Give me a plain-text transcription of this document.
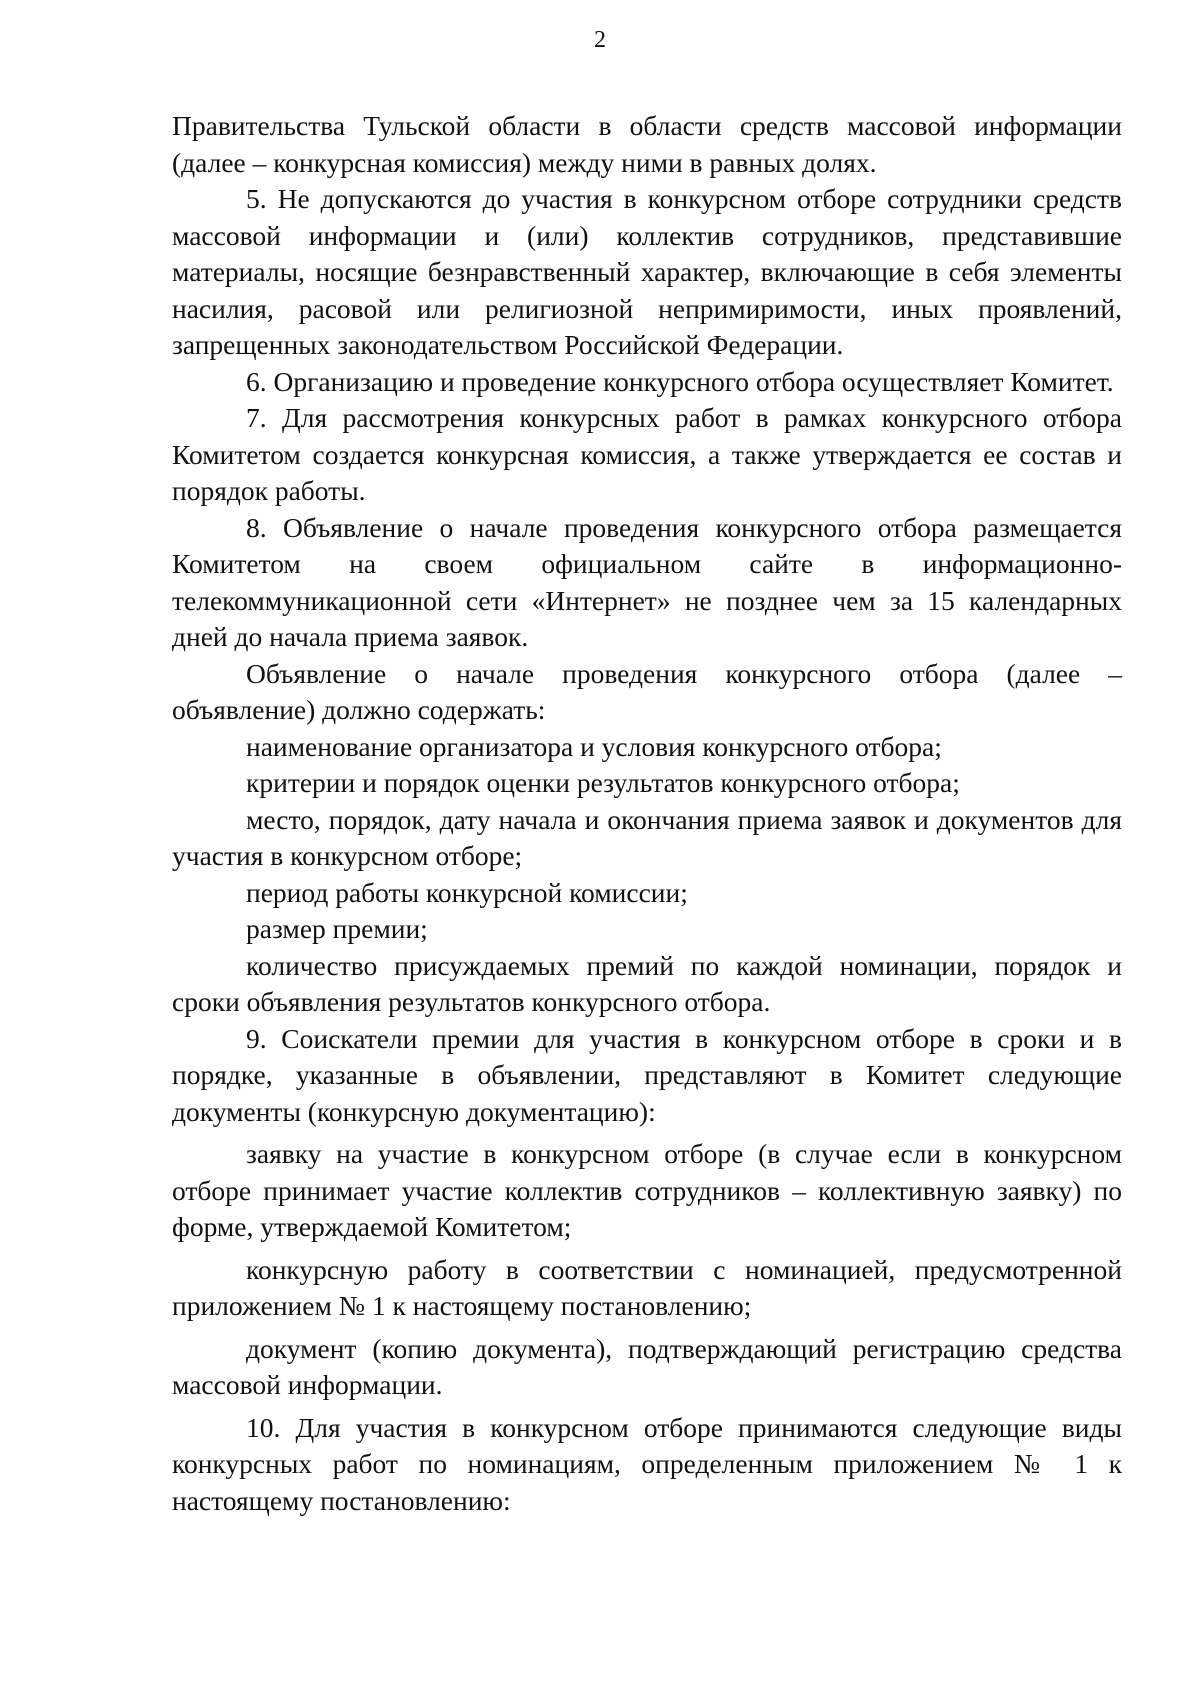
2

Правительства Тульской области в области средств массовой информации (далее – конкурсная комиссия) между ними в равных долях.

5. Не допускаются до участия в конкурсном отборе сотрудники средств массовой информации и (или) коллектив сотрудников, представившие материалы, носящие безнравственный характер, включающие в себя элементы насилия, расовой или религиозной непримиримости, иных проявлений, запрещенных законодательством Российской Федерации.

6. Организацию и проведение конкурсного отбора осуществляет Комитет.

7. Для рассмотрения конкурсных работ в рамках конкурсного отбора Комитетом создается конкурсная комиссия, а также утверждается ее состав и порядок работы.

8. Объявление о начале проведения конкурсного отбора размещается Комитетом на своем официальном сайте в информационно-телекоммуникационной сети «Интернет» не позднее чем за 15 календарных дней до начала приема заявок.

Объявление о начале проведения конкурсного отбора (далее – объявление) должно содержать:

наименование организатора и условия конкурсного отбора;

критерии и порядок оценки результатов конкурсного отбора;

место, порядок, дату начала и окончания приема заявок и документов для участия в конкурсном отборе;

период работы конкурсной комиссии;

размер премии;

количество присуждаемых премий по каждой номинации, порядок и сроки объявления результатов конкурсного отбора.

9. Соискатели премии для участия в конкурсном отборе в сроки и в порядке, указанные в объявлении, представляют в Комитет следующие документы (конкурсную документацию):

заявку на участие в конкурсном отборе (в случае если в конкурсном отборе принимает участие коллектив сотрудников – коллективную заявку) по форме, утверждаемой Комитетом;

конкурсную работу в соответствии с номинацией, предусмотренной приложением № 1 к настоящему постановлению;

документ (копию документа), подтверждающий регистрацию средства массовой информации.

10. Для участия в конкурсном отборе принимаются следующие виды конкурсных работ по номинациям, определенным приложением № 1 к настоящему постановлению:
